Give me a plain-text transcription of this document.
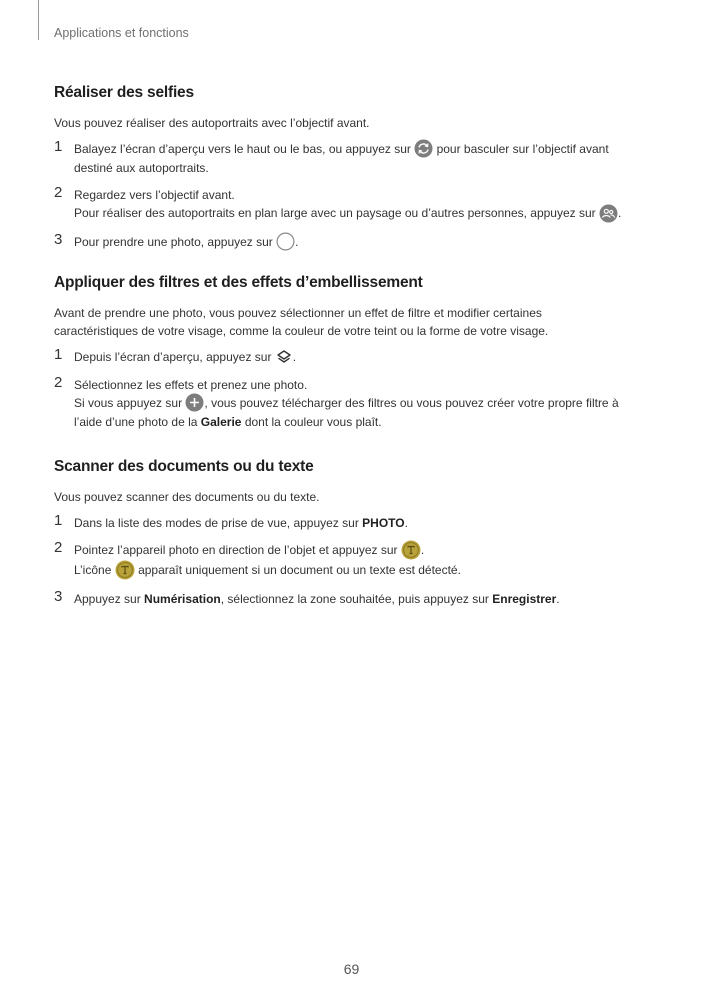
Applications et fonctions
Réaliser des selfies

Vous pouvez réaliser des autoportraits avec l’objectif avant.

1 Balayez l’écran d’aperçu vers le haut ou le bas, ou appuyez sur pour basculer sur l’objectif avant

destiné aux autoportraits.

2 Regardez vers l’objectif avant.

Pour réaliser des autoportraits en plan large avec un paysage ou d’autres personnes, appuyez sur .

3 Pour prendre une photo, appuyez sur .

Appliquer des filtres et des effets d’embellissement

Avant de prendre une photo, vous pouvez sélectionner un effet de filtre et modifier certaines caractéristiques de votre visage, comme la couleur de votre teint ou la forme de votre visage.

1 Depuis l’écran d’aperçu, appuyez sur .

2 Sélectionnez les effets et prenez une photo.

Si vous appuyez sur , vous pouvez télécharger des filtres ou vous pouvez créer votre propre filtre à

l’aide d’une photo de la Galerie dont la couleur vous plaît.

Scanner des documents ou du texte

Vous pouvez scanner des documents ou du texte.

1 Dans la liste des modes de prise de vue, appuyez sur PHOTO.

2 Pointez l’appareil photo en direction de l’objet et appuyez sur .

L’icône apparaît uniquement si un document ou un texte est détecté.

3 Appuyez sur Numérisation, sélectionnez la zone souhaitée, puis appuyez sur Enregistrer.

69
